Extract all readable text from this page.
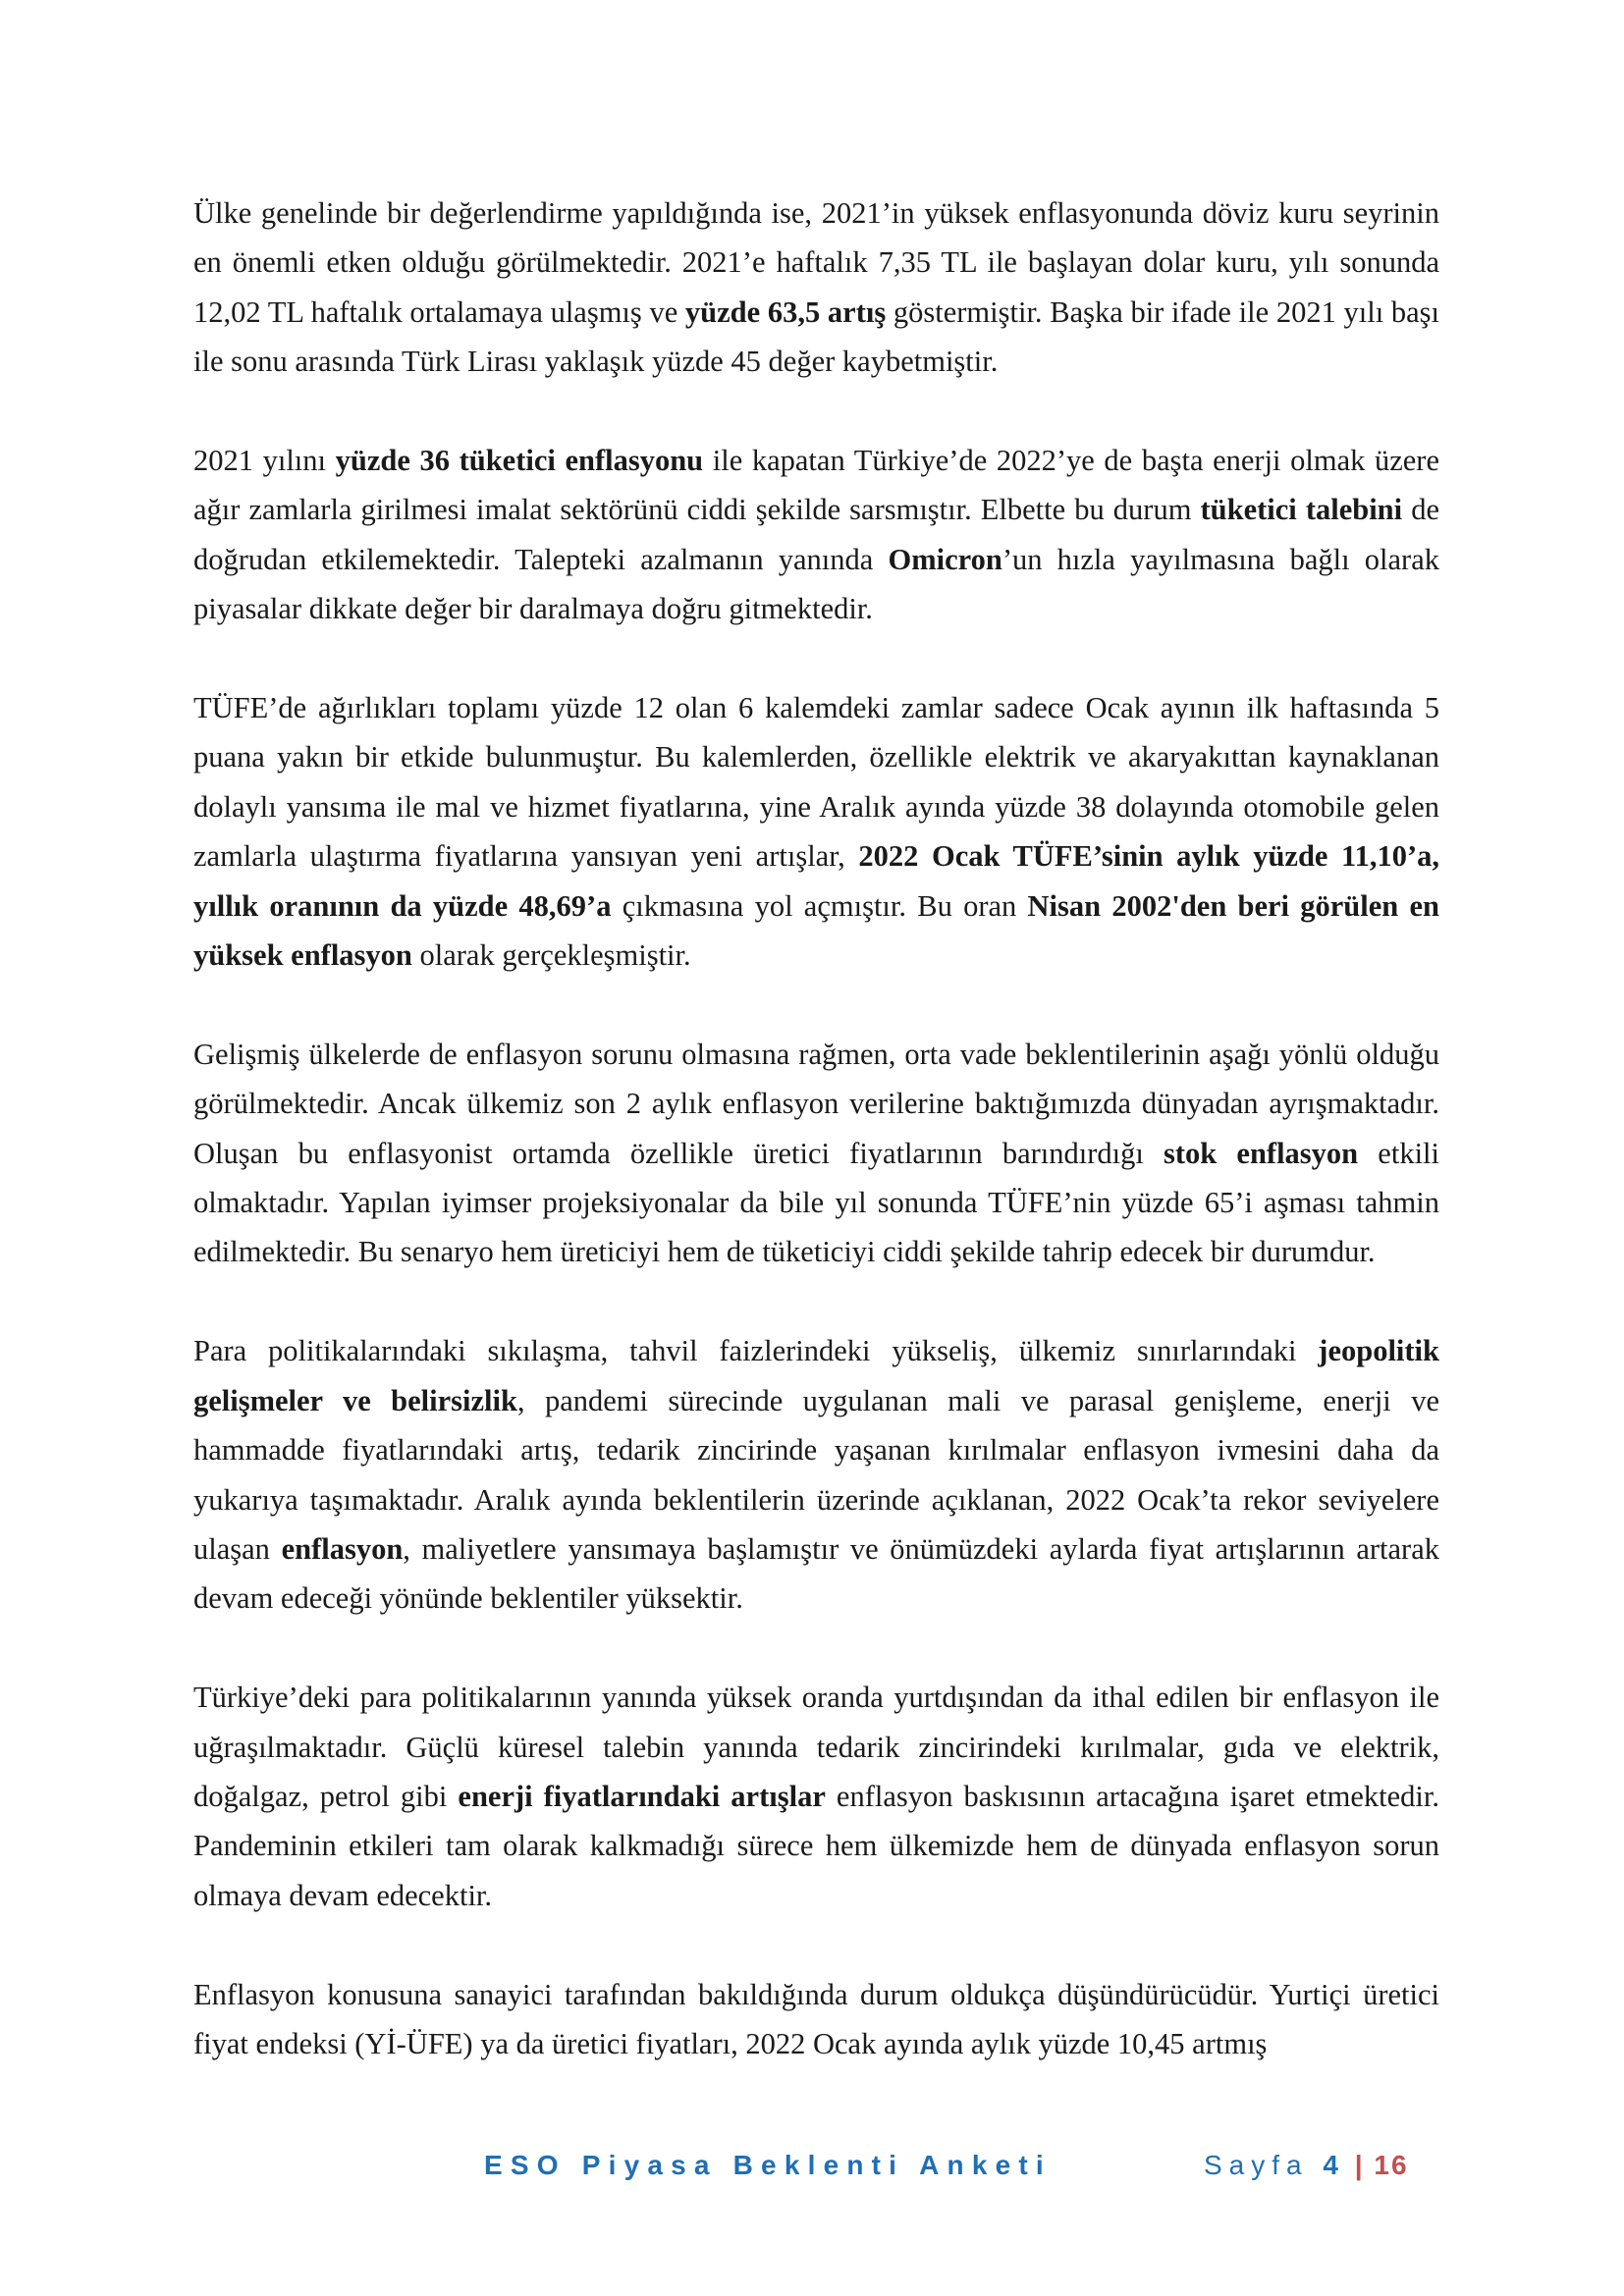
Ülke genelinde bir değerlendirme yapıldığında ise, 2021’in yüksek enflasyonunda döviz kuru seyrinin en önemli etken olduğu görülmektedir. 2021’e haftalık 7,35 TL ile başlayan dolar kuru, yılı sonunda 12,02 TL haftalık ortalamaya ulaşmış ve yüzde 63,5 artış göstermiştir. Başka bir ifade ile 2021 yılı başı ile sonu arasında Türk Lirası yaklaşık yüzde 45 değer kaybetmiştir.

2021 yılını yüzde 36 tüketici enflasyonu ile kapatan Türkiye’de 2022’ye de başta enerji olmak üzere ağır zamlarla girilmesi imalat sektörünü ciddi şekilde sarsmıştır. Elbette bu durum tüketici talebini de doğrudan etkilemektedir. Talepteki azalmanın yanında Omicron’un hızla yayılmasına bağlı olarak piyasalar dikkate değer bir daralmaya doğru gitmektedir.

TÜFE’de ağırlıkları toplamı yüzde 12 olan 6 kalemdeki zamlar sadece Ocak ayının ilk haftasında 5 puana yakın bir etkide bulunmuştur. Bu kalemlerden, özellikle elektrik ve akaryakıttan kaynaklanan dolaylı yansıma ile mal ve hizmet fiyatlarına, yine Aralık ayında yüzde 38 dolayında otomobile gelen zamlarla ulaştırma fiyatlarına yansıyan yeni artışlar, 2022 Ocak TÜFE’sinin aylık yüzde 11,10’a, yıllık oranının da yüzde 48,69’a çıkmasına yol açmıştır. Bu oran Nisan 2002'den beri görülen en yüksek enflasyon olarak gerçekleşmiştir.

Gelişmiş ülkelerde de enflasyon sorunu olmasına rağmen, orta vade beklentilerinin aşağı yönlü olduğu görülmektedir. Ancak ülkemiz son 2 aylık enflasyon verilerine baktığımızda dünyadan ayrışmaktadır. Oluşan bu enflasyonist ortamda özellikle üretici fiyatlarının barındırdığı stok enflasyon etkili olmaktadır. Yapılan iyimser projeksiyonalar da bile yıl sonunda TÜFE’nin yüzde 65’i aşması tahmin edilmektedir. Bu senaryo hem üreticiyi hem de tüketiciyi ciddi şekilde tahrip edecek bir durumdur.

Para politikalarındaki sıkılaşma, tahvil faizlerindeki yükseliş, ülkemiz sınırlarındaki jeopolitik gelişmeler ve belirsizlik, pandemi sürecinde uygulanan mali ve parasal genişleme, enerji ve hammadde fiyatlarındaki artış, tedarik zincirinde yaşanan kırılmalar enflasyon ivmesini daha da yukarıya taşımaktadır. Aralık ayında beklentilerin üzerinde açıklanan, 2022 Ocak’ta rekor seviyelere ulaşan enflasyon, maliyetlere yansımaya başlamıştır ve önümüzdeki aylarda fiyat artışlarının artarak devam edeceği yönünde beklentiler yüksektir.

Türkiye’deki para politikalarının yanında yüksek oranda yurtdışından da ithal edilen bir enflasyon ile uğraşılmaktadır. Güçlü küresel talebin yanında tedarik zincirindeki kırılmalar, gıda ve elektrik, doğalgaz, petrol gibi enerji fiyatlarındaki artışlar enflasyon baskısının artacağına işaret etmektedir. Pandeminin etkileri tam olarak kalkmadığı sürece hem ülkemizde hem de dünyada enflasyon sorun olmaya devam edecektir.

Enflasyon konusuna sanayici tarafından bakıldığında durum oldukça düşündürücüdür. Yurtiçi üretici fiyat endeksi (Yİ-ÜFE) ya da üretici fiyatları, 2022 Ocak ayında aylık yüzde 10,45 artmış

ESO Piyasa Beklenti Anketi	Sayfa 4 | 16
